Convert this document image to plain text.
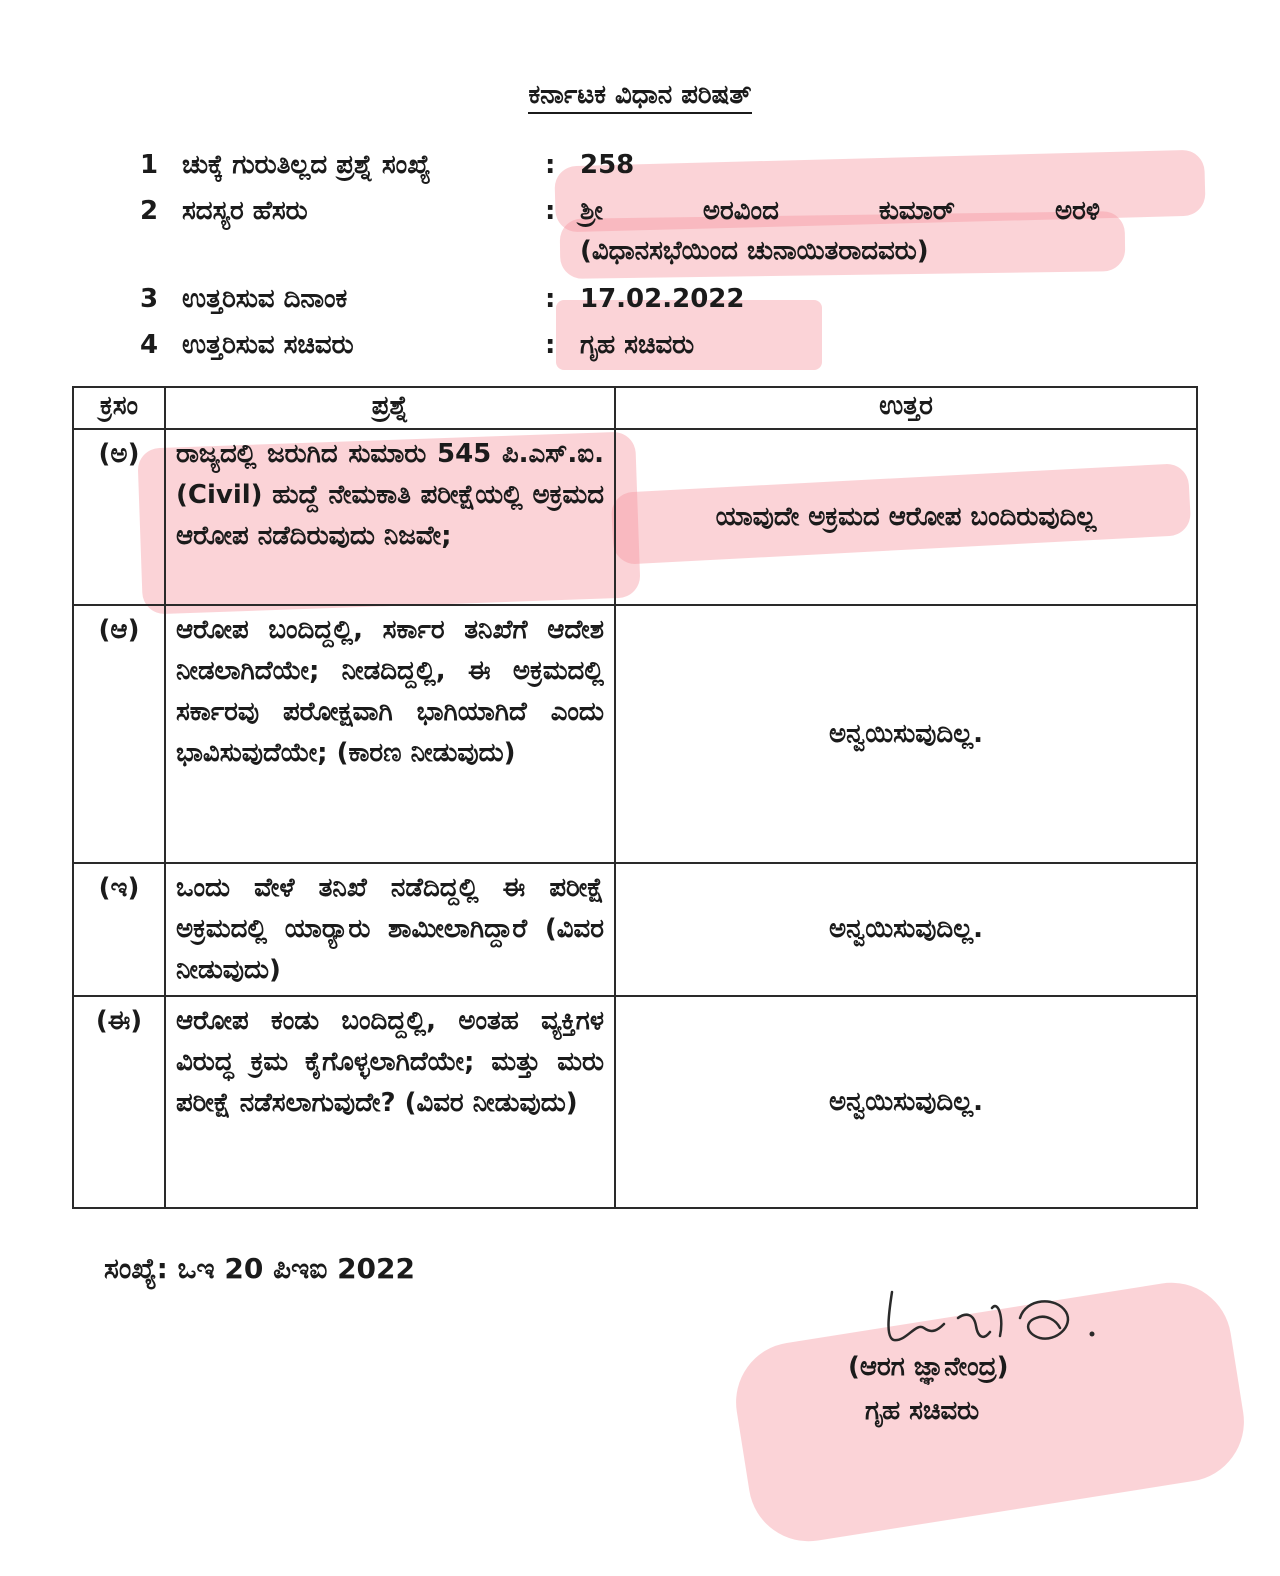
ಕರ್ನಾಟಕ ವಿಧಾನ ಪರಿಷತ್
1 ಚುಕ್ಕೆ ಗುರುತಿಲ್ಲದ ಪ್ರಶ್ನೆ ಸಂಖ್ಯೆ	: 258
2 ಸದಸ್ಯರ ಹೆಸರು	: ಶ್ರೀ	ಅರವಿಂದ	ಕುಮಾರ್	ಅರಳಿ
(ವಿಧಾನಸಭೆಯಿಂದ ಚುನಾಯಿತರಾದವರು)
3 ಉತ್ತರಿಸುವ ದಿನಾಂಕ	: 17.02.2022
4 ಉತ್ತರಿಸುವ ಸಚಿವರು	: ಗೃಹ ಸಚಿವರು
ಕ್ರಸಂ	ಪ್ರಶ್ನೆ	ಉತ್ತರ
(ಅ)	ರಾಜ್ಯದಲ್ಲಿ ಜರುಗಿದ ಸುಮಾರು 545 ಪಿ.ಎಸ್.ಐ.(Civil) ಹುದ್ದೆ ನೇಮಕಾತಿ ಪರೀಕ್ಷೆಯಲ್ಲಿ ಅಕ್ರಮದ ಆರೋಪ ನಡೆದಿರುವುದು ನಿಜವೇ;	ಯಾವುದೇ ಅಕ್ರಮದ ಆರೋಪ ಬಂದಿರುವುದಿಲ್ಲ
(ಆ)	ಆರೋಪ ಬಂದಿದ್ದಲ್ಲಿ, ಸರ್ಕಾರ ತನಿಖೆಗೆ ಆದೇಶ ನೀಡಲಾಗಿದೆಯೇ; ನೀಡದಿದ್ದಲ್ಲಿ, ಈ ಅಕ್ರಮದಲ್ಲಿ ಸರ್ಕಾರವು ಪರೋಕ್ಷವಾಗಿ ಭಾಗಿಯಾಗಿದೆ ಎಂದು ಭಾವಿಸುವುದೆಯೇ; (ಕಾರಣ ನೀಡುವುದು)	ಅನ್ವಯಿಸುವುದಿಲ್ಲ.
(ಇ)	ಒಂದು ವೇಳೆ ತನಿಖೆ ನಡೆದಿದ್ದಲ್ಲಿ ಈ ಪರೀಕ್ಷೆ ಅಕ್ರಮದಲ್ಲಿ ಯಾರ‍್ಯಾರು ಶಾಮೀಲಾಗಿದ್ದಾರೆ (ವಿವರ ನೀಡುವುದು)	ಅನ್ವಯಿಸುವುದಿಲ್ಲ.
(ಈ)	ಆರೋಪ ಕಂಡು ಬಂದಿದ್ದಲ್ಲಿ, ಅಂತಹ ವ್ಯಕ್ತಿಗಳ ವಿರುದ್ಧ ಕ್ರಮ ಕೈಗೊಳ್ಳಲಾಗಿದೆಯೇ; ಮತ್ತು ಮರು ಪರೀಕ್ಷೆ ನಡೆಸಲಾಗುವುದೇ? (ವಿವರ ನೀಡುವುದು)	ಅನ್ವಯಿಸುವುದಿಲ್ಲ.
ಸಂಖ್ಯೆ: ಒಇ 20 ಪಿಇಐ 2022
(ಆರಗ ಜ್ಞಾನೇಂದ್ರ)
ಗೃಹ ಸಚಿವರು
